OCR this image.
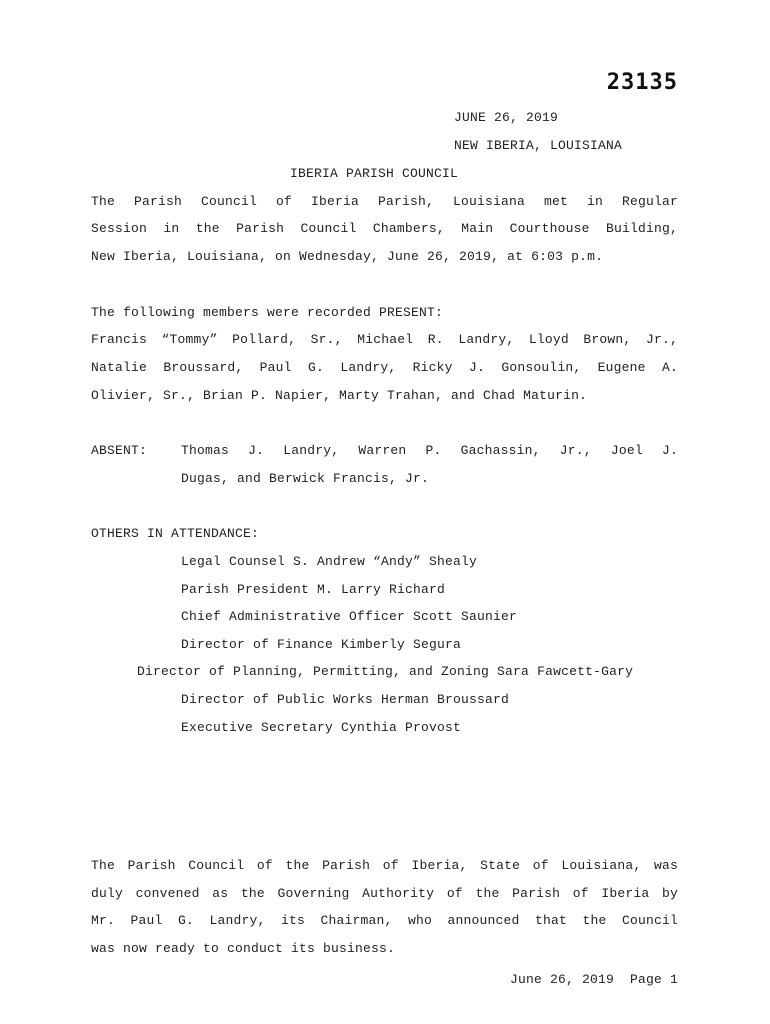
23135
JUNE 26, 2019
NEW IBERIA, LOUISIANA
IBERIA PARISH COUNCIL
The Parish Council of Iberia Parish, Louisiana met in Regular
Session in the Parish Council Chambers, Main Courthouse Building,
New Iberia, Louisiana, on Wednesday, June 26, 2019, at 6:03 p.m.
The following members were recorded PRESENT:
Francis “Tommy” Pollard, Sr., Michael R. Landry, Lloyd Brown, Jr.,
Natalie Broussard, Paul G. Landry, Ricky J. Gonsoulin, Eugene A.
Olivier, Sr., Brian P. Napier, Marty Trahan, and Chad Maturin.
ABSENT:	Thomas J. Landry, Warren P. Gachassin, Jr., Joel J.
Dugas, and Berwick Francis, Jr.
OTHERS IN ATTENDANCE:
Legal Counsel S. Andrew “Andy” Shealy
Parish President M. Larry Richard
Chief Administrative Officer Scott Saunier
Director of Finance Kimberly Segura
Director of Planning, Permitting, and Zoning Sara Fawcett-Gary
Director of Public Works Herman Broussard
Executive Secretary Cynthia Provost
The Parish Council of the Parish of Iberia, State of Louisiana, was
duly convened as the Governing Authority of the Parish of Iberia by
Mr. Paul G. Landry, its Chairman, who announced that the Council
was now ready to conduct its business.
June 26, 2019  Page 1
